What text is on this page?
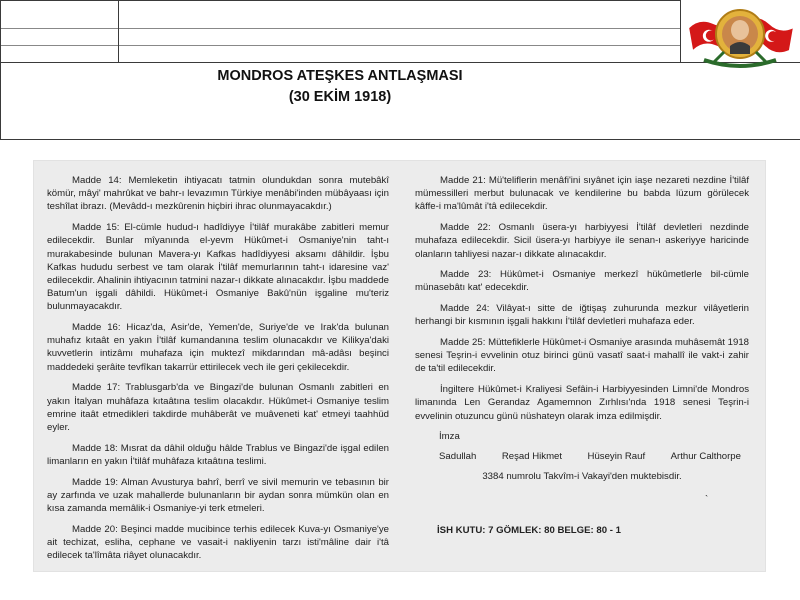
MONDROS ATEŞKES ANTLAŞMASI
(30 EKİM 1918)

Madde 14: Memleketin ihtiyacatı tatmin olundukdan sonra mutebâkî kömür, mâyi' mahrûkat ve bahr-ı levazımın Türkiye menâbi'inden mübâyaası için teshîlat ibrazı. (Mevâdd-ı mezkûrenin hiçbiri ihrac olunmayacakdır.)

Madde 15: El-cümle hudud-ı hadîdiyye İ'tilâf murakâbe zabitleri memur edilecekdir. Bunlar mîyanında el-yevm Hükûmet-i Osmaniye'nin taht-ı murakabesinde bulunan Mavera-yı Kafkas hadîdiyyesi aksamı dâhildir. İşbu Kafkas hududu serbest ve tam olarak İ'tilâf memurlarının taht-ı idaresine vaz' edilecekdir. Ahalinin ihtiyacının tatmini nazar-ı dikkate alınacakdır. İşbu maddede Batum'un işgali dâhildi. Hükûmet-i Osmaniye Bakû'nün işgaline mu'teriz bulunmayacakdır.

Madde 16: Hicaz'da, Asir'de, Yemen'de, Suriye'de ve Irak'da bulunan muhafız kıtaât en yakın İ'tilâf kumandanına teslim olunacakdır ve Kilikya'daki kuvvetlerin intizâmı muhafaza için muktezî mikdarından mâ-adâsı beşinci maddedeki şerâite tevfîkan takarrür ettirilecek vech ile geri çekilecekdir.

Madde 17: Trablusgarb'da ve Bingazi'de bulunan Osmanlı zabitleri en yakın İtalyan muhâfaza kıtaâtına teslim olacakdır. Hükûmet-i Osmaniye teslim emrine itaât etmedikleri takdirde muhâberât ve muâveneti kat' etmeyi taahhüd eyler.

Madde 18: Mısrat da dâhil olduğu hâlde Trablus ve Bingazi'de işgal edilen limanların en yakın İ'tilâf muhâfaza kıtaâtına teslimi.

Madde 19: Alman Avusturya bahrî, berrî ve sivil memurin ve tebasının bir ay zarfında ve uzak mahallerde bulunanların bir aydan sonra mümkün olan en kısa zamanda memâlik-i Osmaniye-yi terk etmeleri.

Madde 20: Beşinci madde mucibince terhis edilecek Kuva-yı Osmaniye'ye ait techizat, esliha, cephane ve vasait-i nakliyenin tarzı isti'mâline dair i'tâ edilecek ta'lîmâta riâyet olunacakdır.

Madde 21: Mü'teliflerin menâfi'ini sıyânet için iaşe nezareti nezdine İ'tilâf mümessilleri merbut bulunacak ve kendilerine bu babda lüzum görülecek kâffe-i ma'lûmât i'tâ edilecekdir.

Madde 22: Osmanlı üsera-yı harbiyyesi İ'tilâf devletleri nezdinde muhafaza edilecekdir. Sicil üsera-yı harbiyye ile senan-ı askeriyye haricinde olanların tahliyesi nazar-ı dikkate alınacakdır.

Madde 23: Hükûmet-i Osmaniye merkezî hükûmetlerle bil-cümle münasebâtı kat' edecekdir.

Madde 24: Vilâyat-ı sitte de iğtişaş zuhurunda mezkur vilâyetlerin herhangi bir kısmının işgali hakkını İ'tilâf devletleri muhafaza eder.

Madde 25: Müttefiklerle Hükûmet-i Osmaniye arasında muhâsemât 1918 senesi Teşrin-i evvelinin otuz birinci günü vasatî saat-i mahallî ile vakt-i zahir de ta'til edilecekdir.

İngiltere Hükûmet-i Kraliyesi Sefâin-i Harbiyyesinden Limni'de Mondros limanında Len Gerandaz Agamemnon Zırhlısı'nda 1918 senesi Teşrin-i evvelinin otuzuncu günü nüshateyn olarak imza edilmişdir.

İmza
Sadullah	Reşad Hikmet	Hüseyin Rauf	Arthur Calthorpe
3384 numrolu Takvîm-i Vakayi'den muktebisdir.
`
İSH KUTU: 7 GÖMLEK: 80 BELGE: 80 - 1
